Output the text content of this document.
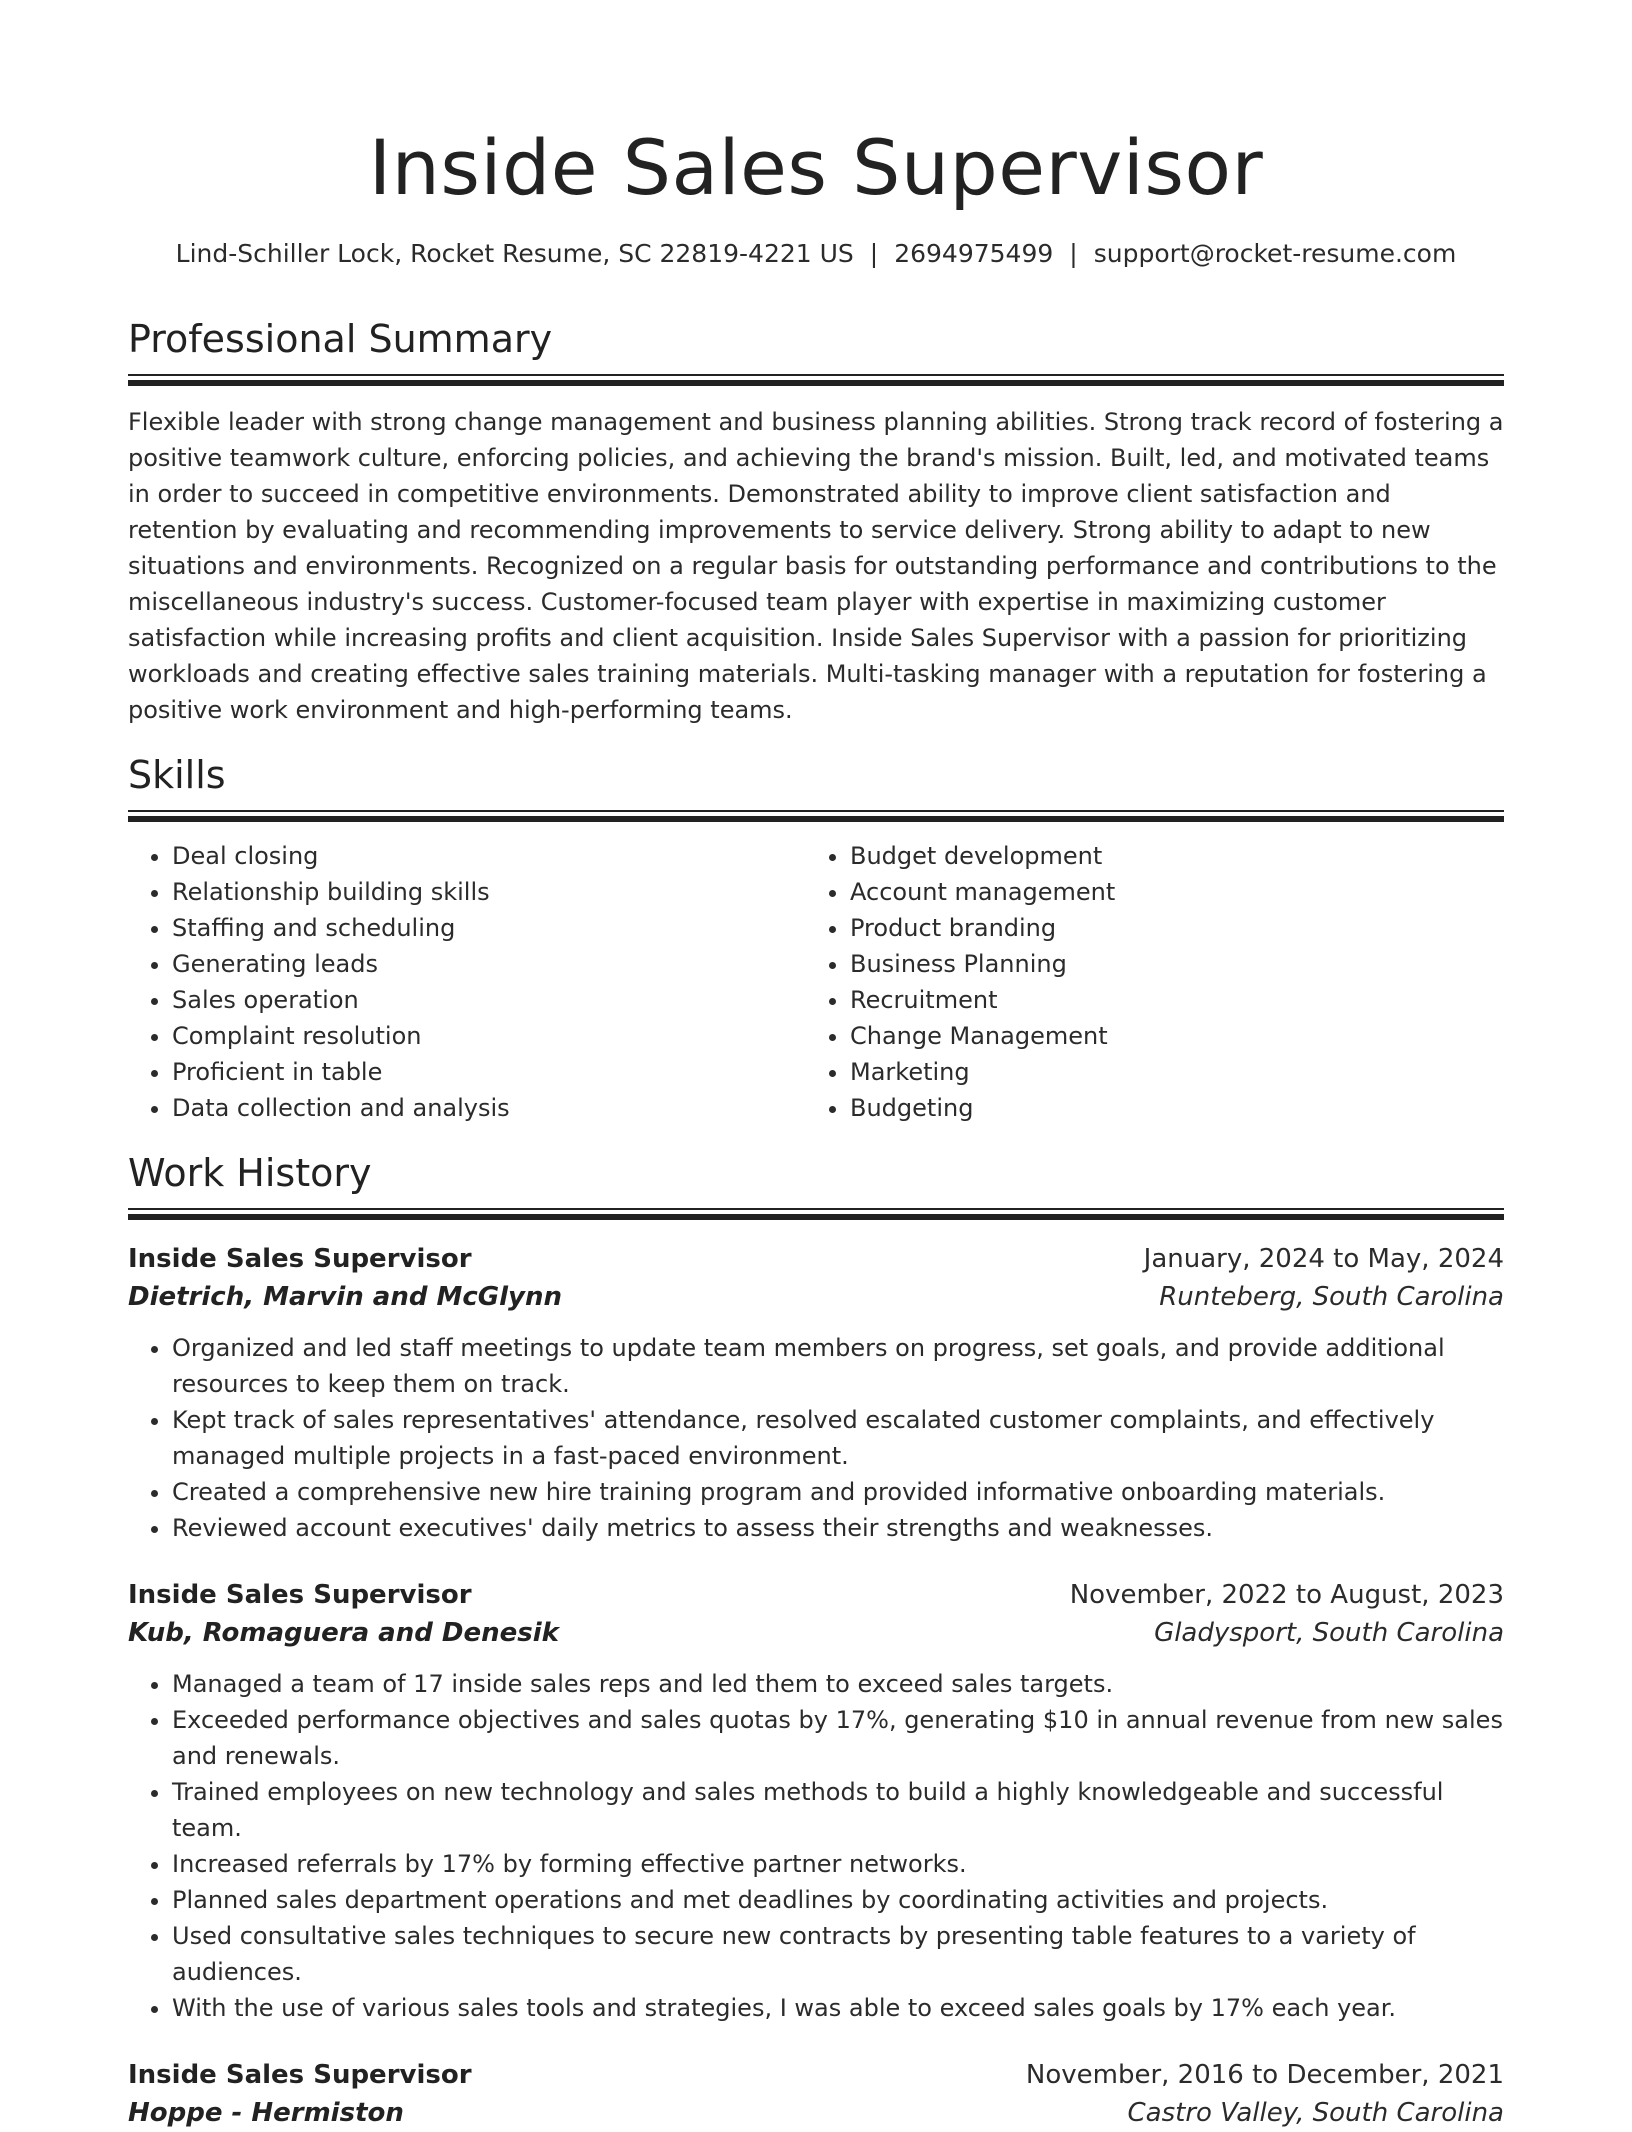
Inside Sales Supervisor
Lind-Schiller Lock, Rocket Resume, SC 22819-4221 US | 2694975499 | support@rocket-resume.com
Professional Summary

Flexible leader with strong change management and business planning abilities. Strong track record of fostering a positive teamwork culture, enforcing policies, and achieving the brand's mission. Built, led, and motivated teams in order to succeed in competitive environments. Demonstrated ability to improve client satisfaction and retention by evaluating and recommending improvements to service delivery. Strong ability to adapt to new situations and environments. Recognized on a regular basis for outstanding performance and contributions to the miscellaneous industry's success. Customer-focused team player with expertise in maximizing customer satisfaction while increasing profits and client acquisition. Inside Sales Supervisor with a passion for prioritizing workloads and creating effective sales training materials. Multi-tasking manager with a reputation for fostering a positive work environment and high-performing teams.

Skills
• Deal closing
• Relationship building skills
• Staffing and scheduling
• Generating leads
• Sales operation
• Complaint resolution
• Proficient in table
• Data collection and analysis
• Budget development
• Account management
• Product branding
• Business Planning
• Recruitment
• Change Management
• Marketing
• Budgeting
Work History
Inside Sales Supervisor	January, 2024 to May, 2024
Dietrich, Marvin and McGlynn	Runteberg, South Carolina
• Organized and led staff meetings to update team members on progress, set goals, and provide additional resources to keep them on track.
• Kept track of sales representatives' attendance, resolved escalated customer complaints, and effectively managed multiple projects in a fast-paced environment.
• Created a comprehensive new hire training program and provided informative onboarding materials.
• Reviewed account executives' daily metrics to assess their strengths and weaknesses.
Inside Sales Supervisor	November, 2022 to August, 2023
Kub, Romaguera and Denesik	Gladysport, South Carolina
• Managed a team of 17 inside sales reps and led them to exceed sales targets.
• Exceeded performance objectives and sales quotas by 17%, generating $10 in annual revenue from new sales and renewals.
• Trained employees on new technology and sales methods to build a highly knowledgeable and successful team.
• Increased referrals by 17% by forming effective partner networks.
• Planned sales department operations and met deadlines by coordinating activities and projects.
• Used consultative sales techniques to secure new contracts by presenting table features to a variety of audiences.
• With the use of various sales tools and strategies, I was able to exceed sales goals by 17% each year.
Inside Sales Supervisor	November, 2016 to December, 2021
Hoppe - Hermiston	Castro Valley, South Carolina
